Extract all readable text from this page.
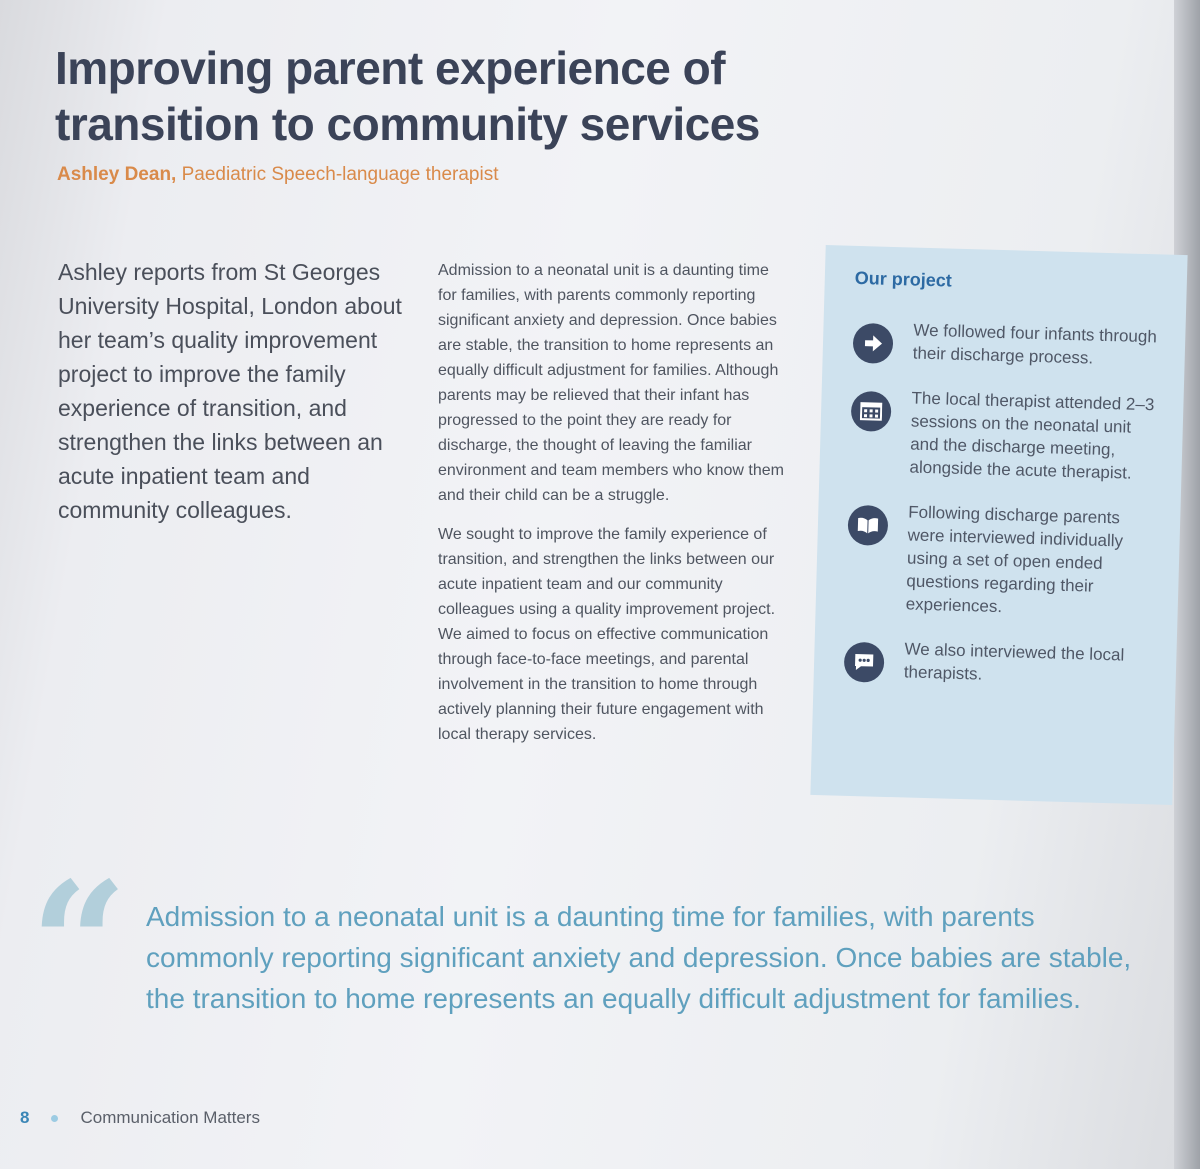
Improving parent experience of transition to community services
Ashley Dean, Paediatric Speech-language therapist

Ashley reports from St Georges University Hospital, London about her team’s quality improvement project to improve the family experience of transition, and strengthen the links between an acute inpatient team and community colleagues.

Admission to a neonatal unit is a daunting time for families, with parents commonly reporting significant anxiety and depression. Once babies are stable, the transition to home represents an equally difficult adjustment for families. Although parents may be relieved that their infant has progressed to the point they are ready for discharge, the thought of leaving the familiar environment and team members who know them and their child can be a struggle.

We sought to improve the family experience of transition, and strengthen the links between our acute inpatient team and our community colleagues using a quality improvement project. We aimed to focus on effective communication through face-to-face meetings, and parental involvement in the transition to home through actively planning their future engagement with local therapy services.

Our project
We followed four infants through their discharge process.
The local therapist attended 2–3 sessions on the neonatal unit and the discharge meeting, alongside the acute therapist.
Following discharge parents were interviewed individually using a set of open ended questions regarding their experiences.
We also interviewed the local therapists.
“ Admission to a neonatal unit is a daunting time for families, with parents commonly reporting significant anxiety and depression. Once babies are stable, the transition to home represents an equally difficult adjustment for families.

8	Communication Matters
